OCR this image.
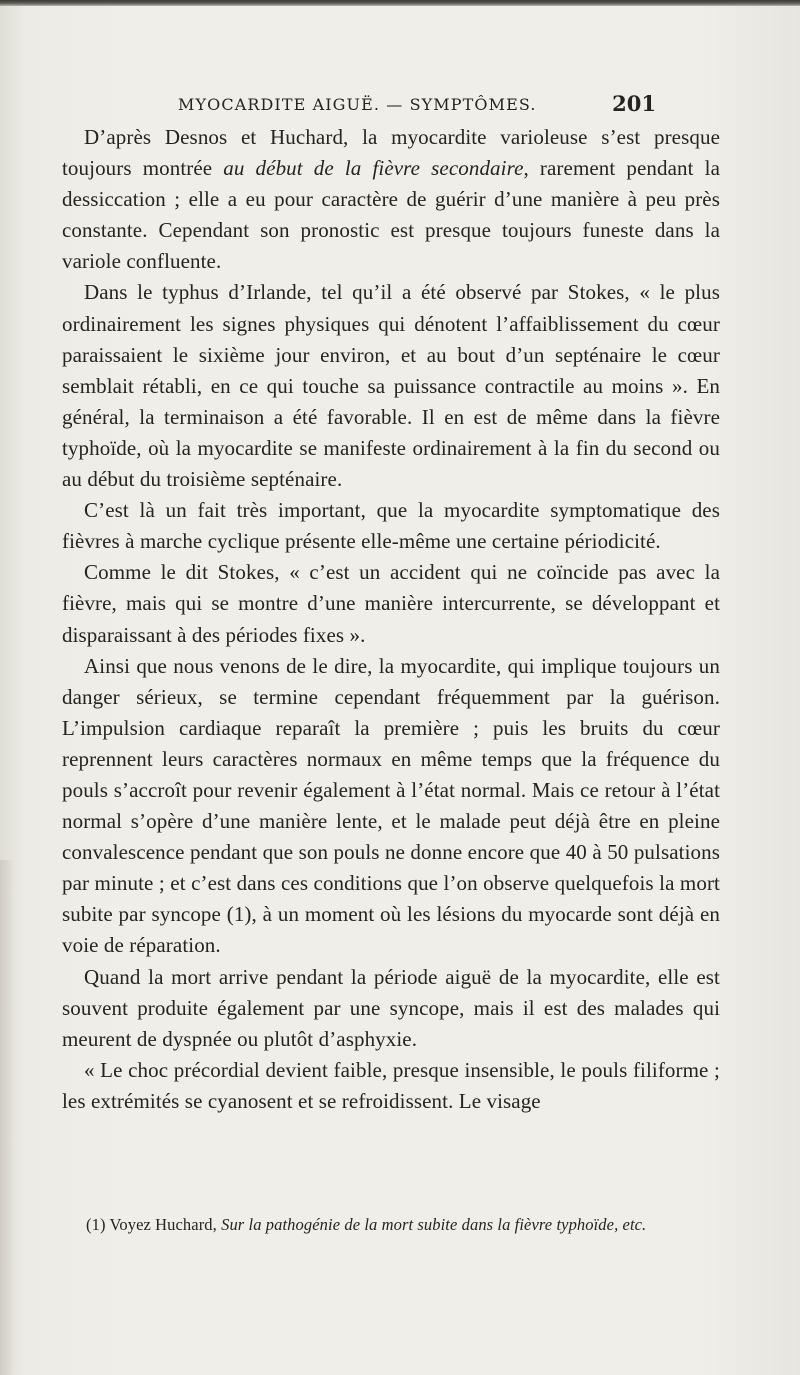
MYOCARDITE AIGUË. — SYMPTÔMES.	201

D’après Desnos et Huchard, la myocardite varioleuse s’est presque toujours montrée au début de la fièvre secondaire, rarement pendant la dessiccation ; elle a eu pour caractère de guérir d’une manière à peu près constante. Cependant son pronostic est presque toujours funeste dans la variole confluente.

Dans le typhus d’Irlande, tel qu’il a été observé par Stokes, « le plus ordinairement les signes physiques qui dénotent l’affaiblissement du cœur paraissaient le sixième jour environ, et au bout d’un septénaire le cœur semblait rétabli, en ce qui touche sa puissance contractile au moins ». En général, la terminaison a été favorable. Il en est de même dans la fièvre typhoïde, où la myocardite se manifeste ordinairement à la fin du second ou au début du troisième septénaire.

C’est là un fait très important, que la myocardite symptomatique des fièvres à marche cyclique présente elle-même une certaine périodicité.

Comme le dit Stokes, « c’est un accident qui ne coïncide pas avec la fièvre, mais qui se montre d’une manière intercurrente, se développant et disparaissant à des périodes fixes ».

Ainsi que nous venons de le dire, la myocardite, qui implique toujours un danger sérieux, se termine cependant fréquemment par la guérison. L’impulsion cardiaque reparaît la première ; puis les bruits du cœur reprennent leurs caractères normaux en même temps que la fréquence du pouls s’accroît pour revenir également à l’état normal. Mais ce retour à l’état normal s’opère d’une manière lente, et le malade peut déjà être en pleine convalescence pendant que son pouls ne donne encore que 40 à 50 pulsations par minute ; et c’est dans ces conditions que l’on observe quelquefois la mort subite par syncope (1), à un moment où les lésions du myocarde sont déjà en voie de réparation.

Quand la mort arrive pendant la période aiguë de la myocardite, elle est souvent produite également par une syncope, mais il est des malades qui meurent de dyspnée ou plutôt d’asphyxie.

« Le choc précordial devient faible, presque insensible, le pouls filiforme ; les extrémités se cyanosent et se refroidissent. Le visage

(1) Voyez Huchard, Sur la pathogénie de la mort subite dans la fièvre typhoïde, etc.
